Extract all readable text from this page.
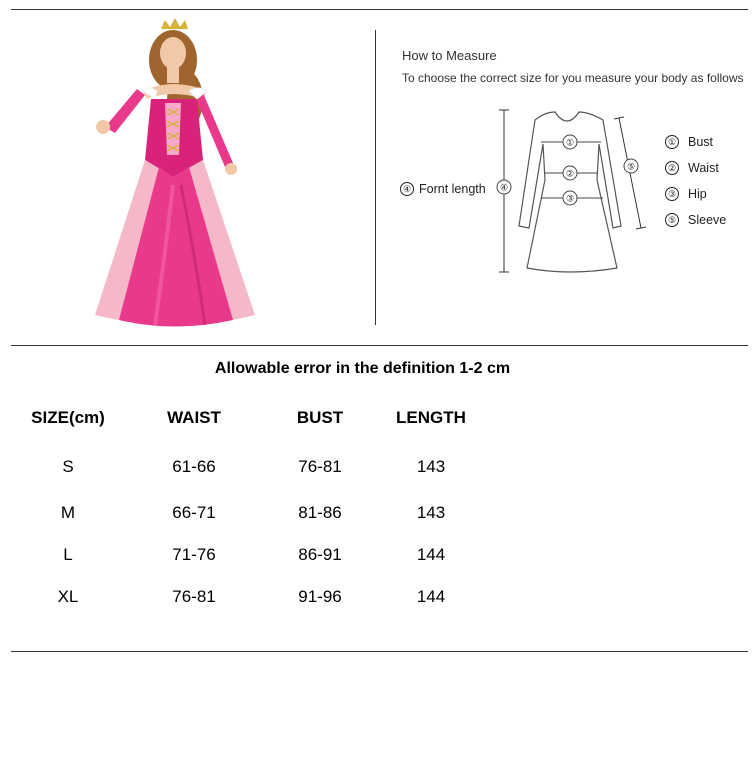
How to Measure
To choose the correct size for you measure your body as follows
①
②
③
④
⑤
④ Fornt length
① Bust
② Waist
③ Hip
⑤ Sleeve
Allowable error in the definition 1-2 cm
SIZE(cm)	WAIST	BUST	LENGTH
S	61-66	76-81	143
M	66-71	81-86	143
L	71-76	86-91	144
XL	76-81	91-96	144
